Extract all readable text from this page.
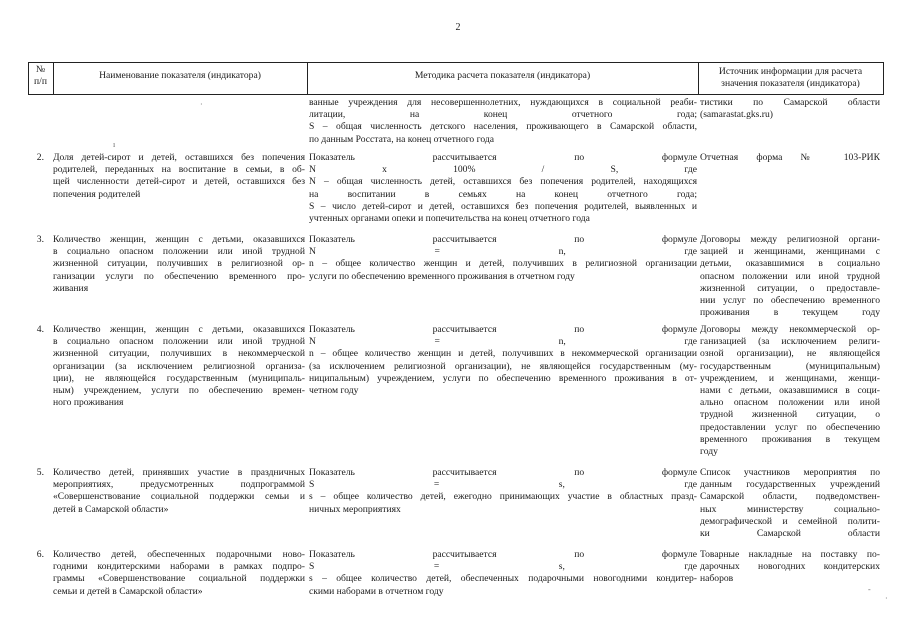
2
№
п/п
Наименование показателя (индикатора)	Методика расчета показателя (индикатора)	Источник информации для расчета
значения показателя (индикатора)
ванные учреждения для несовершеннолетних, нуждающихся в социальной реаби-
литации, на конец отчетного года;
S – общая численность детского населения, проживающего в Самарской области,
по данным Росстата, на конец отчетного года
тистики по Самарской области
(samarastat.gks.ru)
2. Доля детей-сирот и детей, оставшихся без попечения
родителей, переданных на воспитание в семьи, в об-
щей численности детей-сирот и детей, оставшихся без
попечения родителей
Показатель рассчитывается по формуле
N x 100% / S, где
N – общая численность детей, оставшихся без попечения родителей, находящихся
на воспитании в семьях на конец отчетного года;
S – число детей-сирот и детей, оставшихся без попечения родителей, выявленных и
учтенных органами опеки и попечительства на конец отчетного года
Отчетная форма № 103-РИК
3. Количество женщин, женщин с детьми, оказавшихся
в социально опасном положении или иной трудной
жизненной ситуации, получивших в религиозной ор-
ганизации услуги по обеспечению временного про-
живания
Показатель рассчитывается по формуле
N = n, где
n – общее количество женщин и детей, получивших в религиозной организации
услуги по обеспечению временного проживания в отчетном году
Договоры между религиозной органи-
зацией и женщинами, женщинами с
детьми, оказавшимися в социально
опасном положении или иной трудной
жизненной ситуации, о предоставле-
нии услуг по обеспечению временного
проживания в текущем году
4. Количество женщин, женщин с детьми, оказавшихся
в социально опасном положении или иной трудной
жизненной ситуации, получивших в некоммерческой
организации (за исключением религиозной организа-
ции), не являющейся государственным (муниципаль-
ным) учреждением, услуги по обеспечению времен-
ного проживания
Показатель рассчитывается по формуле
N = n, где
n – общее количество женщин и детей, получивших в некоммерческой организации
(за исключением религиозной организации), не являющейся государственным (му-
ниципальным) учреждением, услуги по обеспечению временного проживания в от-
четном году
Договоры между некоммерческой ор-
ганизацией (за исключением религи-
озной организации), не являющейся
государственным (муниципальным)
учреждением, и женщинами, женщи-
нами с детьми, оказавшимися в соци-
ально опасном положении или иной
трудной жизненной ситуации, о
предоставлении услуг по обеспечению
временного проживания в текущем
году
5. Количество детей, принявших участие в праздничных
мероприятиях, предусмотренных подпрограммой
«Совершенствование социальной поддержки семьи и
детей в Самарской области»
Показатель рассчитывается по формуле
S = s, где
s – общее количество детей, ежегодно принимающих участие в областных празд-
ничных мероприятиях
Список участников мероприятия по
данным государственных учреждений
Самарской области, подведомствен-
ных министерству социально-
демографической и семейной полити-
ки Самарской области
6. Количество детей, обеспеченных подарочными ново-
годними кондитерскими наборами в рамках подпро-
граммы «Совершенствование социальной поддержки
семьи и детей в Самарской области»
Показатель рассчитывается по формуле
S = s, где
s – общее количество детей, обеспеченных подарочными новогодними кондитер-
скими наборами в отчетном году
Товарные накладные на поставку по-
дарочных новогодних кондитерских
наборов
·
ı
-
·
